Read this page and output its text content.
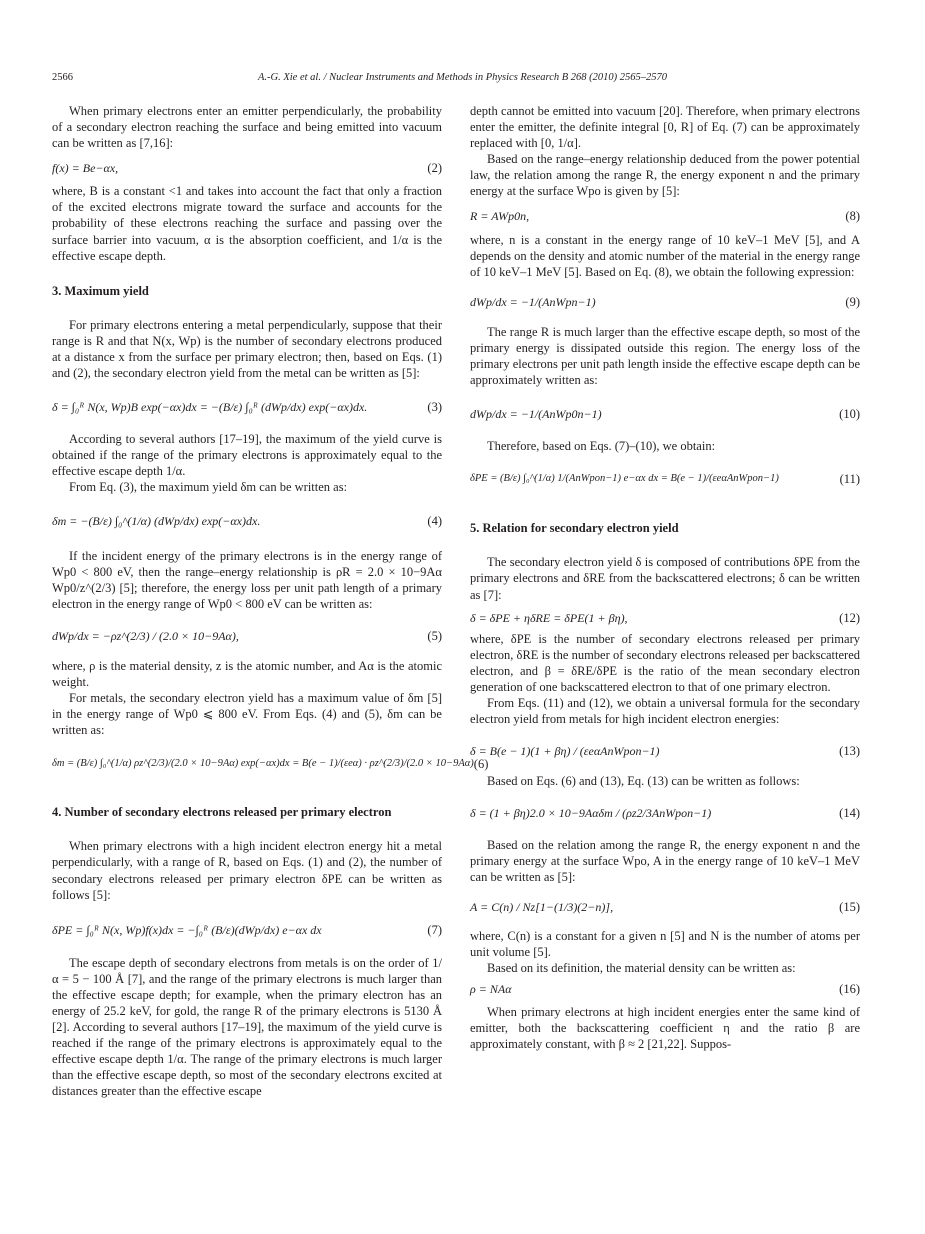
2566	A.-G. Xie et al. / Nuclear Instruments and Methods in Physics Research B 268 (2010) 2565–2570

When primary electrons enter an emitter perpendicularly, the probability of a secondary electron reaching the surface and being emitted into vacuum can be written as [7,16]:

f(x) = Be−αx,	(2)

where, B is a constant <1 and takes into account the fact that only a fraction of the excited electrons migrate toward the surface and accounts for the probability of these electrons reaching the surface and passing over the surface barrier into vacuum, α is the absorption coefficient, and 1/α is the effective escape depth.

3. Maximum yield

For primary electrons entering a metal perpendicularly, suppose that their range is R and that N(x, Wp) is the number of secondary electrons produced at a distance x from the surface per primary electron; then, based on Eqs. (1) and (2), the secondary electron yield from the metal can be written as [5]:

δ = ∫₀ᴿ N(x, Wp)B exp(−αx)dx = −(B/ε) ∫₀ᴿ (dWp/dx) exp(−αx)dx.	(3)

According to several authors [17–19], the maximum of the yield curve is obtained if the range of the primary electrons is approximately equal to the effective escape depth 1/α.

From Eq. (3), the maximum yield δm can be written as:

δm = −(B/ε) ∫₀^(1/α) (dWp/dx) exp(−αx)dx.	(4)

If the incident energy of the primary electrons is in the energy range of Wp0 < 800 eV, then the range–energy relationship is ρR = 2.0 × 10−9Aα Wp0/z^(2/3) [5]; therefore, the energy loss per unit path length of a primary electron in the energy range of Wp0 < 800 eV can be written as:

dWp/dx = −ρz^(2/3) / (2.0 × 10−9Aα),	(5)

where, ρ is the material density, z is the atomic number, and Aα is the atomic weight.

For metals, the secondary electron yield has a maximum value of δm [5] in the energy range of Wp0 ⩽ 800 eV. From Eqs. (4) and (5), δm can be written as:

δm = (B/ε) ∫₀^(1/α) ρz^(2/3)/(2.0 × 10−9Aα) exp(−αx)dx = B(e − 1)/(εeα) · ρz^(2/3)/(2.0 × 10−9Aα) (6)
4. Number of secondary electrons released per primary electron

When primary electrons with a high incident electron energy hit a metal perpendicularly, with a range of R, based on Eqs. (1) and (2), the number of secondary electrons released per primary electron δPE can be written as follows [5]:

δPE = ∫₀ᴿ N(x, Wp)f(x)dx = −∫₀ᴿ (B/ε)(dWp/dx) e−αx dx	(7)

The escape depth of secondary electrons from metals is on the order of 1/α = 5 − 100 Å [7], and the range of the primary electrons is much larger than the effective escape depth; for example, when the primary electron has an energy of 25.2 keV, for gold, the range R of the primary electrons is 5130 Å [2]. According to several authors [17–19], the maximum of the yield curve is reached if the range of the primary electrons is approximately equal to the effective escape depth 1/α. The range of the primary electrons is much larger than the effective escape depth, so most of the secondary electrons excited at distances greater than the effective escape

depth cannot be emitted into vacuum [20]. Therefore, when primary electrons enter the emitter, the definite integral [0, R] of Eq. (7) can be approximately replaced with [0, 1/α].

Based on the range–energy relationship deduced from the power potential law, the relation among the range R, the energy exponent n and the primary energy at the surface Wpo is given by [5]:

R = AWp0n,	(8)

where, n is a constant in the energy range of 10 keV–1 MeV [5], and A depends on the density and atomic number of the material in the energy range of 10 keV–1 MeV [5]. Based on Eq. (8), we obtain the following expression:

dWp/dx = −1/(AnWpn−1)	(9)

The range R is much larger than the effective escape depth, so most of the primary energy is dissipated outside this region. The energy loss of the primary electrons per unit path length inside the effective escape depth can be approximately written as:

dWp/dx = −1/(AnWp0n−1)	(10)

Therefore, based on Eqs. (7)–(10), we obtain:

δPE = (B/ε) ∫₀^(1/α) 1/(AnWpon−1) e−αx dx = B(e − 1)/(εeαAnWpon−1)	(11)
5. Relation for secondary electron yield

The secondary electron yield δ is composed of contributions δPE from the primary electrons and δRE from the backscattered electrons; δ can be written as [7]:

δ = δPE + ηδRE = δPE(1 + βη),	(12)

where, δPE is the number of secondary electrons released per primary electron, δRE is the number of secondary electrons released per backscattered electron, and β = δRE/δPE is the ratio of the mean secondary electron generation of one backscattered electron to that of one primary electron.

From Eqs. (11) and (12), we obtain a universal formula for the secondary electron yield from metals for high incident electron energies:

δ = B(e − 1)(1 + βη) / (εeαAnWpon−1)	(13)

Based on Eqs. (6) and (13), Eq. (13) can be written as follows:

δ = (1 + βη)2.0 × 10−9Aαδm / (ρz2/3AnWpon−1)	(14)

Based on the relation among the range R, the energy exponent n and the primary energy at the surface Wpo, A in the energy range of 10 keV–1 MeV can be written as [5]:

A = C(n) / Nz[1−(1/3)(2−n)],	(15)

where, C(n) is a constant for a given n [5] and N is the number of atoms per unit volume [5].

Based on its definition, the material density can be written as:

ρ = NAα	(16)

When primary electrons at high incident energies enter the same kind of emitter, both the backscattering coefficient η and the ratio β are approximately constant, with β ≈ 2 [21,22]. Suppos-
